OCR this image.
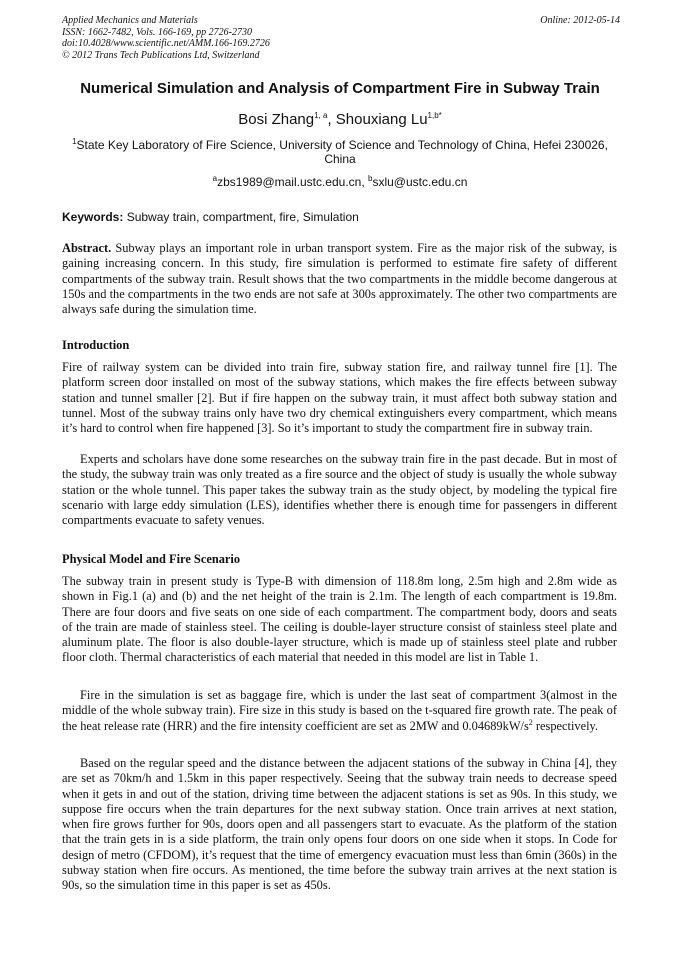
Applied Mechanics and Materials
ISSN: 1662-7482, Vols. 166-169, pp 2726-2730
doi:10.4028/www.scientific.net/AMM.166-169.2726
© 2012 Trans Tech Publications Ltd, Switzerland
Online: 2012-05-14
Numerical Simulation and Analysis of Compartment Fire in Subway Train
Bosi Zhang$^{1, a}$, Shouxiang $Lu^{1,b*}$
$^1$State Key Laboratory of Fire Science, University of Science and Technology of China, Hefei 230026, China
$^a$zbs1989@mail.ustc.edu.cn, $^b$sxlu@ustc.edu.cn
Keywords: Subway train, compartment, fire, Simulation

Abstract. Subway plays an important role in urban transport system. Fire as the major risk of the subway, is gaining increasing concern. In this study, fire simulation is performed to estimate fire safety of different compartments of the subway train. Result shows that the two compartments in the middle become dangerous at 150s and the compartments in the two ends are not safe at 300s approximately. The other two compartments are always safe during the simulation time.

Introduction

Fire of railway system can be divided into train fire, subway station fire, and railway tunnel fire [1]. The platform screen door installed on most of the subway stations, which makes the fire effects between subway station and tunnel smaller [2]. But if fire happen on the subway train, it must affect both subway station and tunnel. Most of the subway trains only have two dry chemical extinguishers every compartment, which means it’s hard to control when fire happened [3]. So it’s important to study the compartment fire in subway train.

Experts and scholars have done some researches on the subway train fire in the past decade. But in most of the study, the subway train was only treated as a fire source and the object of study is usually the whole subway station or the whole tunnel. This paper takes the subway train as the study object, by modeling the typical fire scenario with large eddy simulation (LES), identifies whether there is enough time for passengers in different compartments evacuate to safety venues.

Physical Model and Fire Scenario

The subway train in present study is Type-B with dimension of 118.8m long, 2.5m high and 2.8m wide as shown in Fig.1 (a) and (b) and the net height of the train is 2.1m. The length of each compartment is 19.8m. There are four doors and five seats on one side of each compartment. The compartment body, doors and seats of the train are made of stainless steel. The ceiling is double-layer structure consist of stainless steel plate and aluminum plate. The floor is also double-layer structure, which is made up of stainless steel plate and rubber floor cloth. Thermal characteristics of each material that needed in this model are list in Table 1.

Fire in the simulation is set as baggage fire, which is under the last seat of compartment 3(almost in the middle of the whole subway train). Fire size in this study is based on the t-squared fire growth rate. The peak of the heat release rate (HRR) and the fire intensity coefficient are set as 2MW and $0.04689kW/s^2$ respectively.

Based on the regular speed and the distance between the adjacent stations of the subway in China [4], they are set as 70km/h and 1.5km in this paper respectively. Seeing that the subway train needs to decrease speed when it gets in and out of the station, driving time between the adjacent stations is set as 90s. In this study, we suppose fire occurs when the train departures for the next subway station. Once train arrives at next station, when fire grows further for 90s, doors open and all passengers start to evacuate. As the platform of the station that the train gets in is a side platform, the train only opens four doors on one side when it stops. In Code for design of metro (CFDOM), it’s request that the time of emergency evacuation must less than 6min (360s) in the subway station when fire occurs. As mentioned, the time before the subway train arrives at the next station is 90s, so the simulation time in this paper is set as 450s.
